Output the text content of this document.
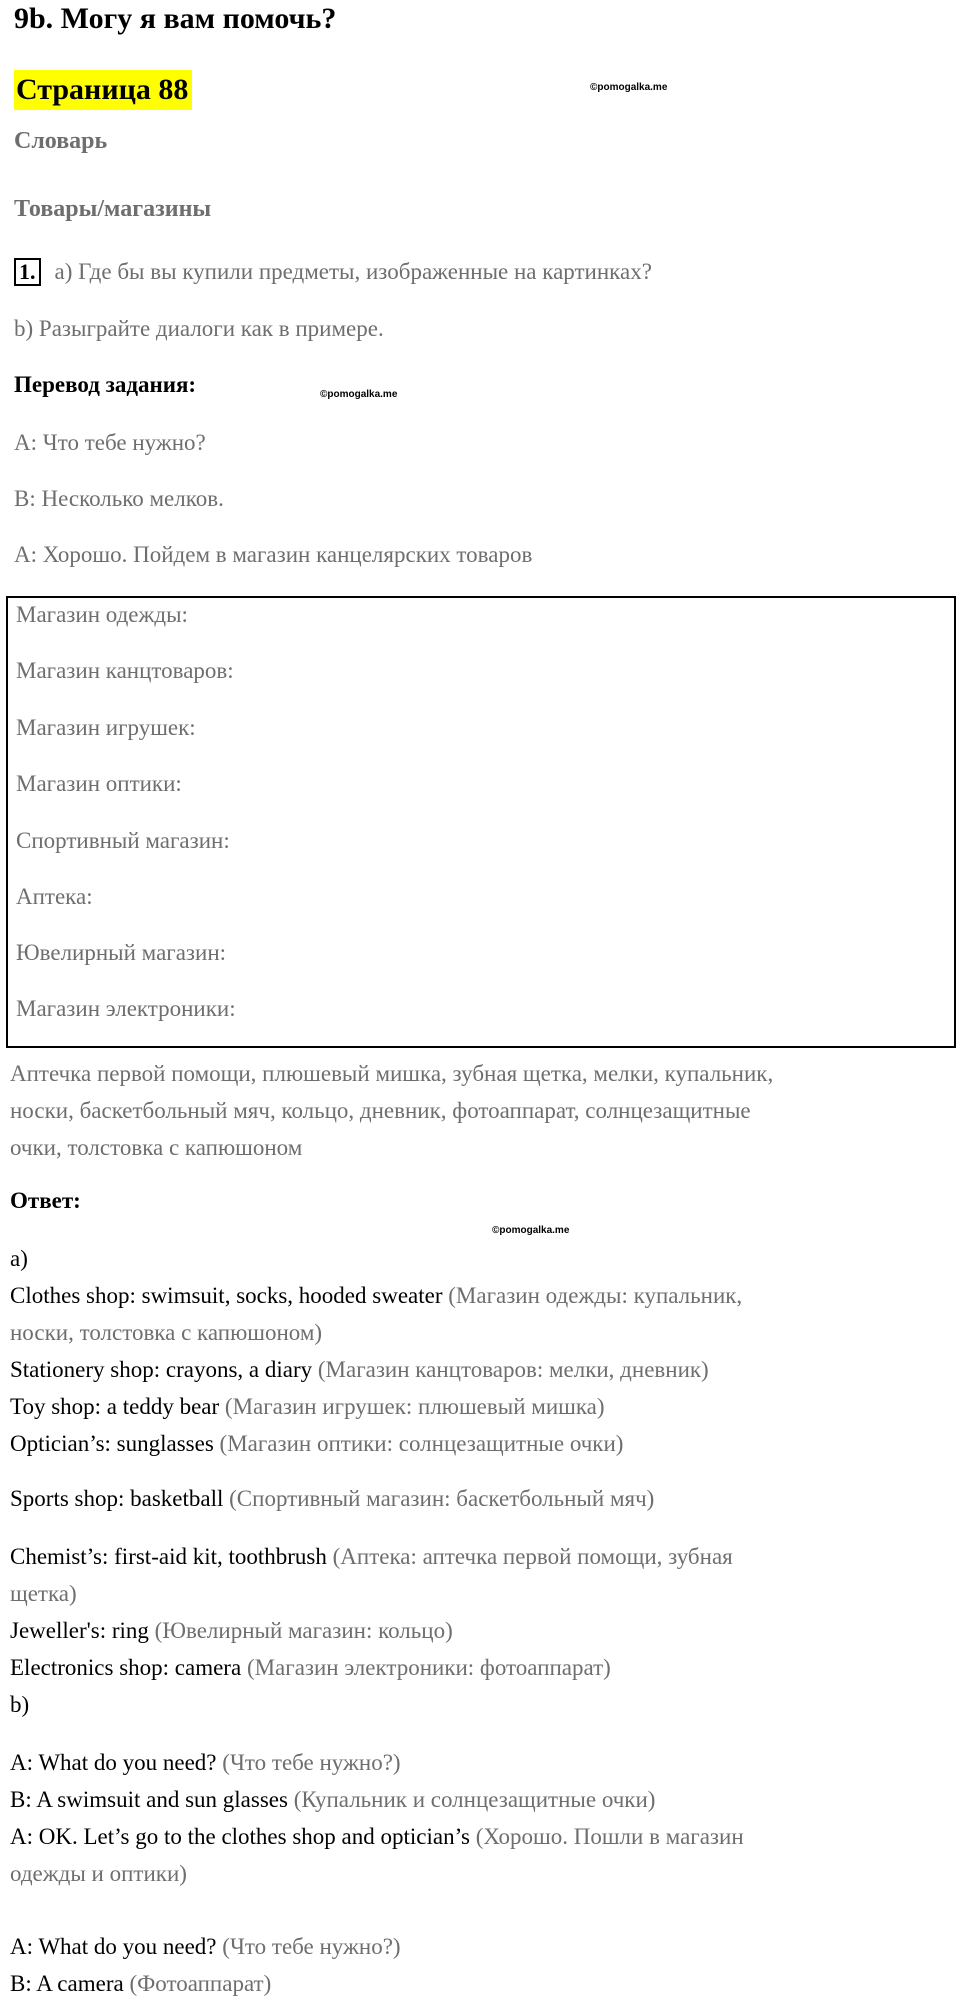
9b. Могу я вам помочь?
Страница 88	©pomogalka.me
Словарь
Товары/магазины
1. a) Где бы вы купили предметы, изображенные на картинках?
b) Разыграйте диалоги как в примере.
Перевод задания:	©pomogalka.me
A: Что тебе нужно?
B: Несколько мелков.
A: Хорошо. Пойдем в магазин канцелярских товаров
Магазин одежды:
Магазин канцтоваров:
Магазин игрушек:
Магазин оптики:
Спортивный магазин:
Аптека:
Ювелирный магазин:
Магазин электроники:
Аптечка первой помощи, плюшевый мишка, зубная щетка, мелки, купальник,
носки, баскетбольный мяч, кольцо, дневник, фотоаппарат, солнцезащитные
очки, толстовка с капюшоном
Ответ:
©pomogalka.me
a)
Clothes shop: swimsuit, socks, hooded sweater (Магазин одежды: купальник,
носки, толстовка с капюшоном)
Stationery shop: crayons, a diary (Магазин канцтоваров: мелки, дневник)
Toy shop: a teddy bear (Магазин игрушек: плюшевый мишка)
Optician’s: sunglasses (Магазин оптики: солнцезащитные очки)
Sports shop: basketball (Спортивный магазин: баскетбольный мяч)
Chemist’s: first-aid kit, toothbrush (Аптека: аптечка первой помощи, зубная
щетка)
Jeweller's: ring (Ювелирный магазин: кольцо)
Electronics shop: camera (Магазин электроники: фотоаппарат)
b)
A: What do you need? (Что тебе нужно?)
B: A swimsuit and sun glasses (Купальник и солнцезащитные очки)
A: OK. Let’s go to the clothes shop and optician’s (Хорошо. Пошли в магазин
одежды и оптики)
A: What do you need? (Что тебе нужно?)
B: A camera (Фотоаппарат)
